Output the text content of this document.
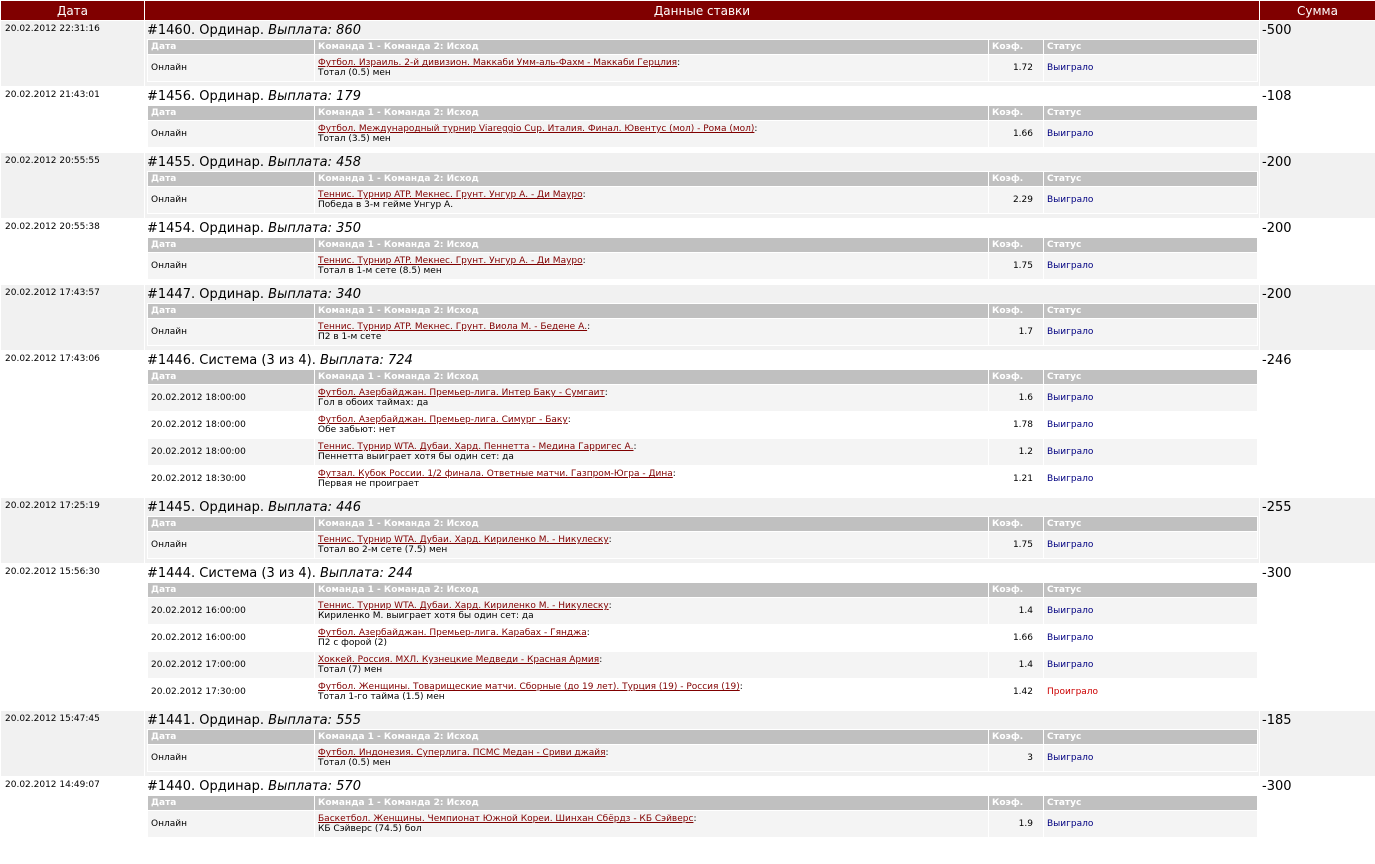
Дата	Данные ставки	Сумма
20.02.2012 22:31:16	#1460. Ординар. Выплата: 860
Дата	Команда 1 - Команда 2: Исход	Коэф.	Статус
Онлайн	Футбол. Израиль. 2-й дивизион. Маккаби Умм-аль-Фахм - Маккаби Герцлия:
Тотал (0.5) мен	1.72	Выиграло
	-500
20.02.2012 21:43:01	#1456. Ординар. Выплата: 179
Дата	Команда 1 - Команда 2: Исход	Коэф.	Статус
Онлайн	Футбол. Международный турнир Viareggio Cup. Италия. Финал. Ювентус (мол) - Рома (мол):
Тотал (3.5) мен	1.66	Выиграло
	-108
20.02.2012 20:55:55	#1455. Ординар. Выплата: 458
Дата	Команда 1 - Команда 2: Исход	Коэф.	Статус
Онлайн	Теннис. Турнир ATP. Мекнес. Грунт. Унгур А. - Ди Мауро:
Победа в 3-м гейме Унгур А.	2.29	Выиграло
	-200
20.02.2012 20:55:38	#1454. Ординар. Выплата: 350
Дата	Команда 1 - Команда 2: Исход	Коэф.	Статус
Онлайн	Теннис. Турнир ATP. Мекнес. Грунт. Унгур А. - Ди Мауро:
Тотал в 1-м сете (8.5) мен	1.75	Выиграло
	-200
20.02.2012 17:43:57	#1447. Ординар. Выплата: 340
Дата	Команда 1 - Команда 2: Исход	Коэф.	Статус
Онлайн	Теннис. Турнир ATP. Мекнес. Грунт. Виола М. - Бедене А.:
П2 в 1-м сете	1.7	Выиграло
	-200
20.02.2012 17:43:06	#1446. Система (3 из 4). Выплата: 724
Дата	Команда 1 - Команда 2: Исход	Коэф.	Статус
20.02.2012 18:00:00	Футбол. Азербайджан. Премьер-лига. Интер Баку - Сумгаит:
Гол в обоих таймах: да	1.6	Выиграло
20.02.2012 18:00:00	Футбол. Азербайджан. Премьер-лига. Симург - Баку:
Обе забьют: нет	1.78	Выиграло
20.02.2012 18:00:00	Теннис. Турнир WTA. Дубаи. Хард. Пеннетта - Медина Гарригес А.:
Пеннетта выиграет хотя бы один сет: да	1.2	Выиграло
20.02.2012 18:30:00	Футзал. Кубок России. 1/2 финала. Ответные матчи. Газпром-Югра - Дина:
Первая не проиграет	1.21	Выиграло
	-246
20.02.2012 17:25:19	#1445. Ординар. Выплата: 446
Дата	Команда 1 - Команда 2: Исход	Коэф.	Статус
Онлайн	Теннис. Турнир WTA. Дубаи. Хард. Кириленко М. - Никулеску:
Тотал во 2-м сете (7.5) мен	1.75	Выиграло
	-255
20.02.2012 15:56:30	#1444. Система (3 из 4). Выплата: 244
Дата	Команда 1 - Команда 2: Исход	Коэф.	Статус
20.02.2012 16:00:00	Теннис. Турнир WTA. Дубаи. Хард. Кириленко М. - Никулеску:
Кириленко М. выиграет хотя бы один сет: да	1.4	Выиграло
20.02.2012 16:00:00	Футбол. Азербайджан. Премьер-лига. Карабах - Гянджа:
П2 с форой (2)	1.66	Выиграло
20.02.2012 17:00:00	Хоккей. Россия. МХЛ. Кузнецкие Медведи - Красная Армия:
Тотал (7) мен	1.4	Выиграло
20.02.2012 17:30:00	Футбол. Женщины. Товарищеские матчи. Сборные (до 19 лет). Турция (19) - Россия (19):
Тотал 1-го тайма (1.5) мен	1.42	Проиграло
	-300
20.02.2012 15:47:45	#1441. Ординар. Выплата: 555
Дата	Команда 1 - Команда 2: Исход	Коэф.	Статус
Онлайн	Футбол. Индонезия. Суперлига. ПСМС Медан - Сриви джайя:
Тотал (0.5) мен	3	Выиграло
	-185
20.02.2012 14:49:07	#1440. Ординар. Выплата: 570
Дата	Команда 1 - Команда 2: Исход	Коэф.	Статус
Онлайн	Баскетбол. Женщины. Чемпионат Южной Кореи. Шинхан Сбёрдз - КБ Сэйверс:
КБ Сэйверс (74.5) бол	1.9	Выиграло
	-300
